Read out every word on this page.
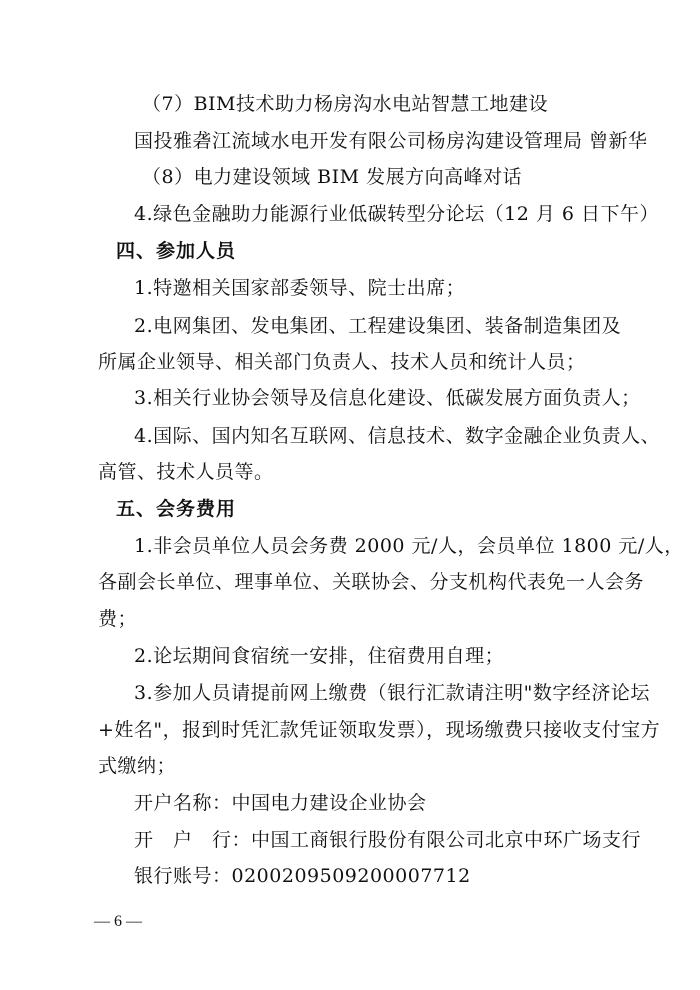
（7）BIM技术助力杨房沟水电站智慧工地建设
国投雅砻江流域水电开发有限公司杨房沟建设管理局 曾新华
（8）电力建设领域 BIM 发展方向高峰对话
4.绿色金融助力能源行业低碳转型分论坛（12 月 6 日下午）
四、参加人员
1.特邀相关国家部委领导、院士出席；
2.电网集团、发电集团、工程建设集团、装备制造集团及
所属企业领导、相关部门负责人、技术人员和统计人员；
3.相关行业协会领导及信息化建设、低碳发展方面负责人；
4.国际、国内知名互联网、信息技术、数字金融企业负责人、
高管、技术人员等。
五、会务费用
1.非会员单位人员会务费 2000 元/人，会员单位 1800 元/人，
各副会长单位、理事单位、关联协会、分支机构代表免一人会务
费；
2.论坛期间食宿统一安排，住宿费用自理；
3.参加人员请提前网上缴费（银行汇款请注明"数字经济论坛
+姓名"，报到时凭汇款凭证领取发票），现场缴费只接收支付宝方
式缴纳；
开户名称：中国电力建设企业协会
开　户　行：中国工商银行股份有限公司北京中环广场支行
银行账号：0200209509200007712
— 6 —
